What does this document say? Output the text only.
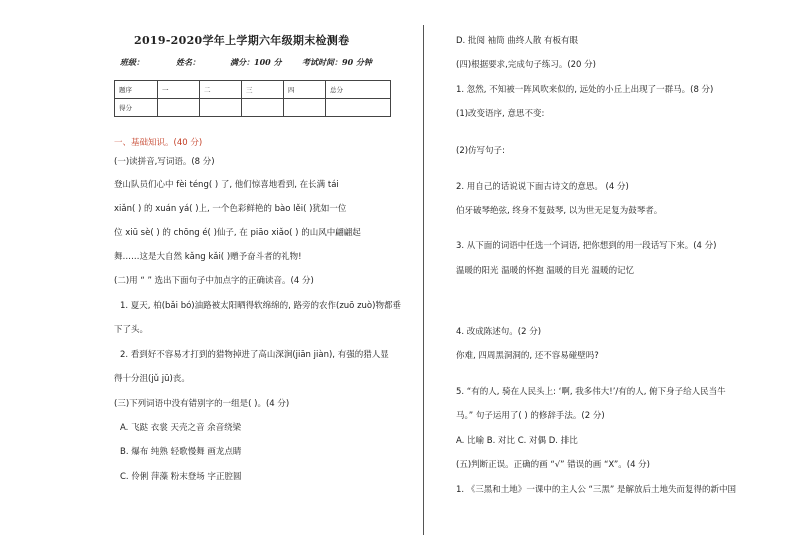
2019-2020学年上学期六年级期末检测卷
班级：	姓名：	满分：100 分	考试时间：90 分钟
题序	一	二	三	四	总分
得分					
一、基础知识。(40 分)
(一)读拼音,写词语。(8 分)
登山队员们心中 fèi téng( ) 了, 他们惊喜地看到, 在长满 tái
xiǎn( ) 的 xuán yá( )上, 一个色彩鲜艳的 bào lěi( )犹如一位
位 xiū sè( ) 的 chōng é( )仙子, 在 piāo xiǎo( ) 的山风中翩翩起
舞……这是大自然 kǎng kǎi( )赠予奋斗者的礼物!
(二)用 “ ” 选出下面句子中加点字的正确读音。(4 分)
1. 夏天, 柏(bǎi bó)油路被太阳晒得软绵绵的, 路旁的农作(zuō zuò)物都垂
下了头。
2. 看到好不容易才打到的猎物掉进了高山深涧(jiān jiàn), 有强的猎人显
得十分沮(jǔ jū)丧。
(三)下列词语中没有错别字的一组是( )。(4 分)
A. 飞跶 衣裳 天壳之音 余音绕梁
B. 爆布 纯熟 轻歌慢舞 画龙点睛
C. 伶俐 萍藻 粉末登场 字正腔圆
D. 批阅 袖筒 曲终人散 有板有眼
(四)根据要求,完成句子练习。(20 分)
1. 忽然, 不知被一阵风吹来似的, 远处的小丘上出现了一群马。(8 分)
(1)改变语序, 意思不变:
(2)仿写句子:
2. 用自己的话说说下面古诗文的意思。 (4 分)
伯牙破琴绝弦, 终身不复鼓琴, 以为世无足复为鼓琴者。
3. 从下面的词语中任选一个词语, 把你想到的用一段话写下来。(4 分)
温暖的阳光 温暖的怀抱 温暖的目光 温暖的记忆
4. 改成陈述句。(2 分)
你难, 四周黑洞洞的, 还不容易碰壁吗?
5. “有的人, 骑在人民头上: ‘啊, 我多伟大!’/有的人, 俯下身子给人民当牛
马。” 句子运用了( ) 的修辞手法。(2 分)
A. 比喻 B. 对比 C. 对偶 D. 排比
(五)判断正误。正确的画 “√” 错误的画 “X”。(4 分)
1. 《三黑和土地》一课中的主人公 “三黑” 是解放后土地失而复得的新中国
